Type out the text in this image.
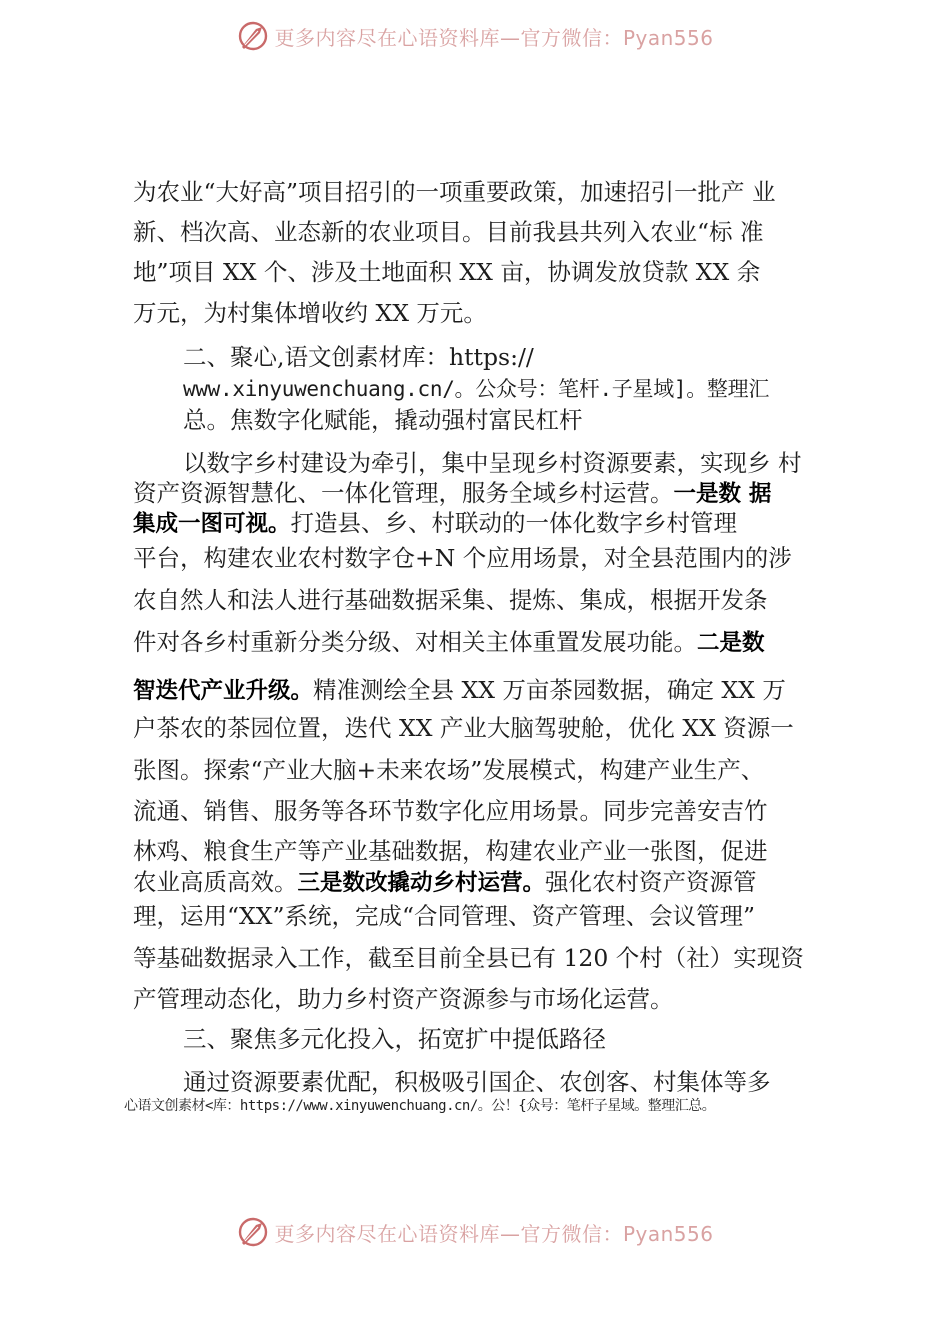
更多内容尽在心语资料库—官方微信：Pyan556
为农业“大好高”项目招引的一项重要政策，加速招引一批产 业
新、档次高、业态新的农业项目。目前我县共列入农业“标 准
地”项目 XX 个、涉及土地面积 XX 亩，协调发放贷款 XX 余
万元，为村集体增收约 XX 万元。
二、聚心,语文创素材库：https://
www.xinyuwenchuang.cn/。公众号：笔杆.子星域]。整理汇
总。焦数字化赋能，撬动强村富民杠杆
以数字乡村建设为牵引，集中呈现乡村资源要素，实现乡 村
资产资源智慧化、一体化管理，服务全域乡村运营。一是数 据
集成一图可视。打造县、乡、村联动的一体化数字乡村管理
平台，构建农业农村数字仓+N 个应用场景，对全县范围内的涉
农自然人和法人进行基础数据采集、提炼、集成，根据开发条
件对各乡村重新分类分级、对相关主体重置发展功能。二是数
智迭代产业升级。精准测绘全县 XX 万亩茶园数据，确定 XX 万
户茶农的茶园位置，迭代 XX 产业大脑驾驶舱，优化 XX 资源一
张图。探索“产业大脑+未来农场”发展模式，构建产业生产、
流通、销售、服务等各环节数字化应用场景。同步完善安吉竹
林鸡、粮食生产等产业基础数据，构建农业产业一张图，促进
农业高质高效。三是数改撬动乡村运营。强化农村资产资源管
理，运用“XX”系统，完成“合同管理、资产管理、会议管理”
等基础数据录入工作，截至目前全县已有 120 个村（社）实现资
产管理动态化，助力乡村资产资源参与市场化运营。
三、聚焦多元化投入，拓宽扩中提低路径
通过资源要素优配，积极吸引国企、农创客、村集体等多
心语文创素材<库：https://www.xinyuwenchuang.cn/。公！{众号：笔杆子星域。整理汇总。
更多内容尽在心语资料库—官方微信：Pyan556
